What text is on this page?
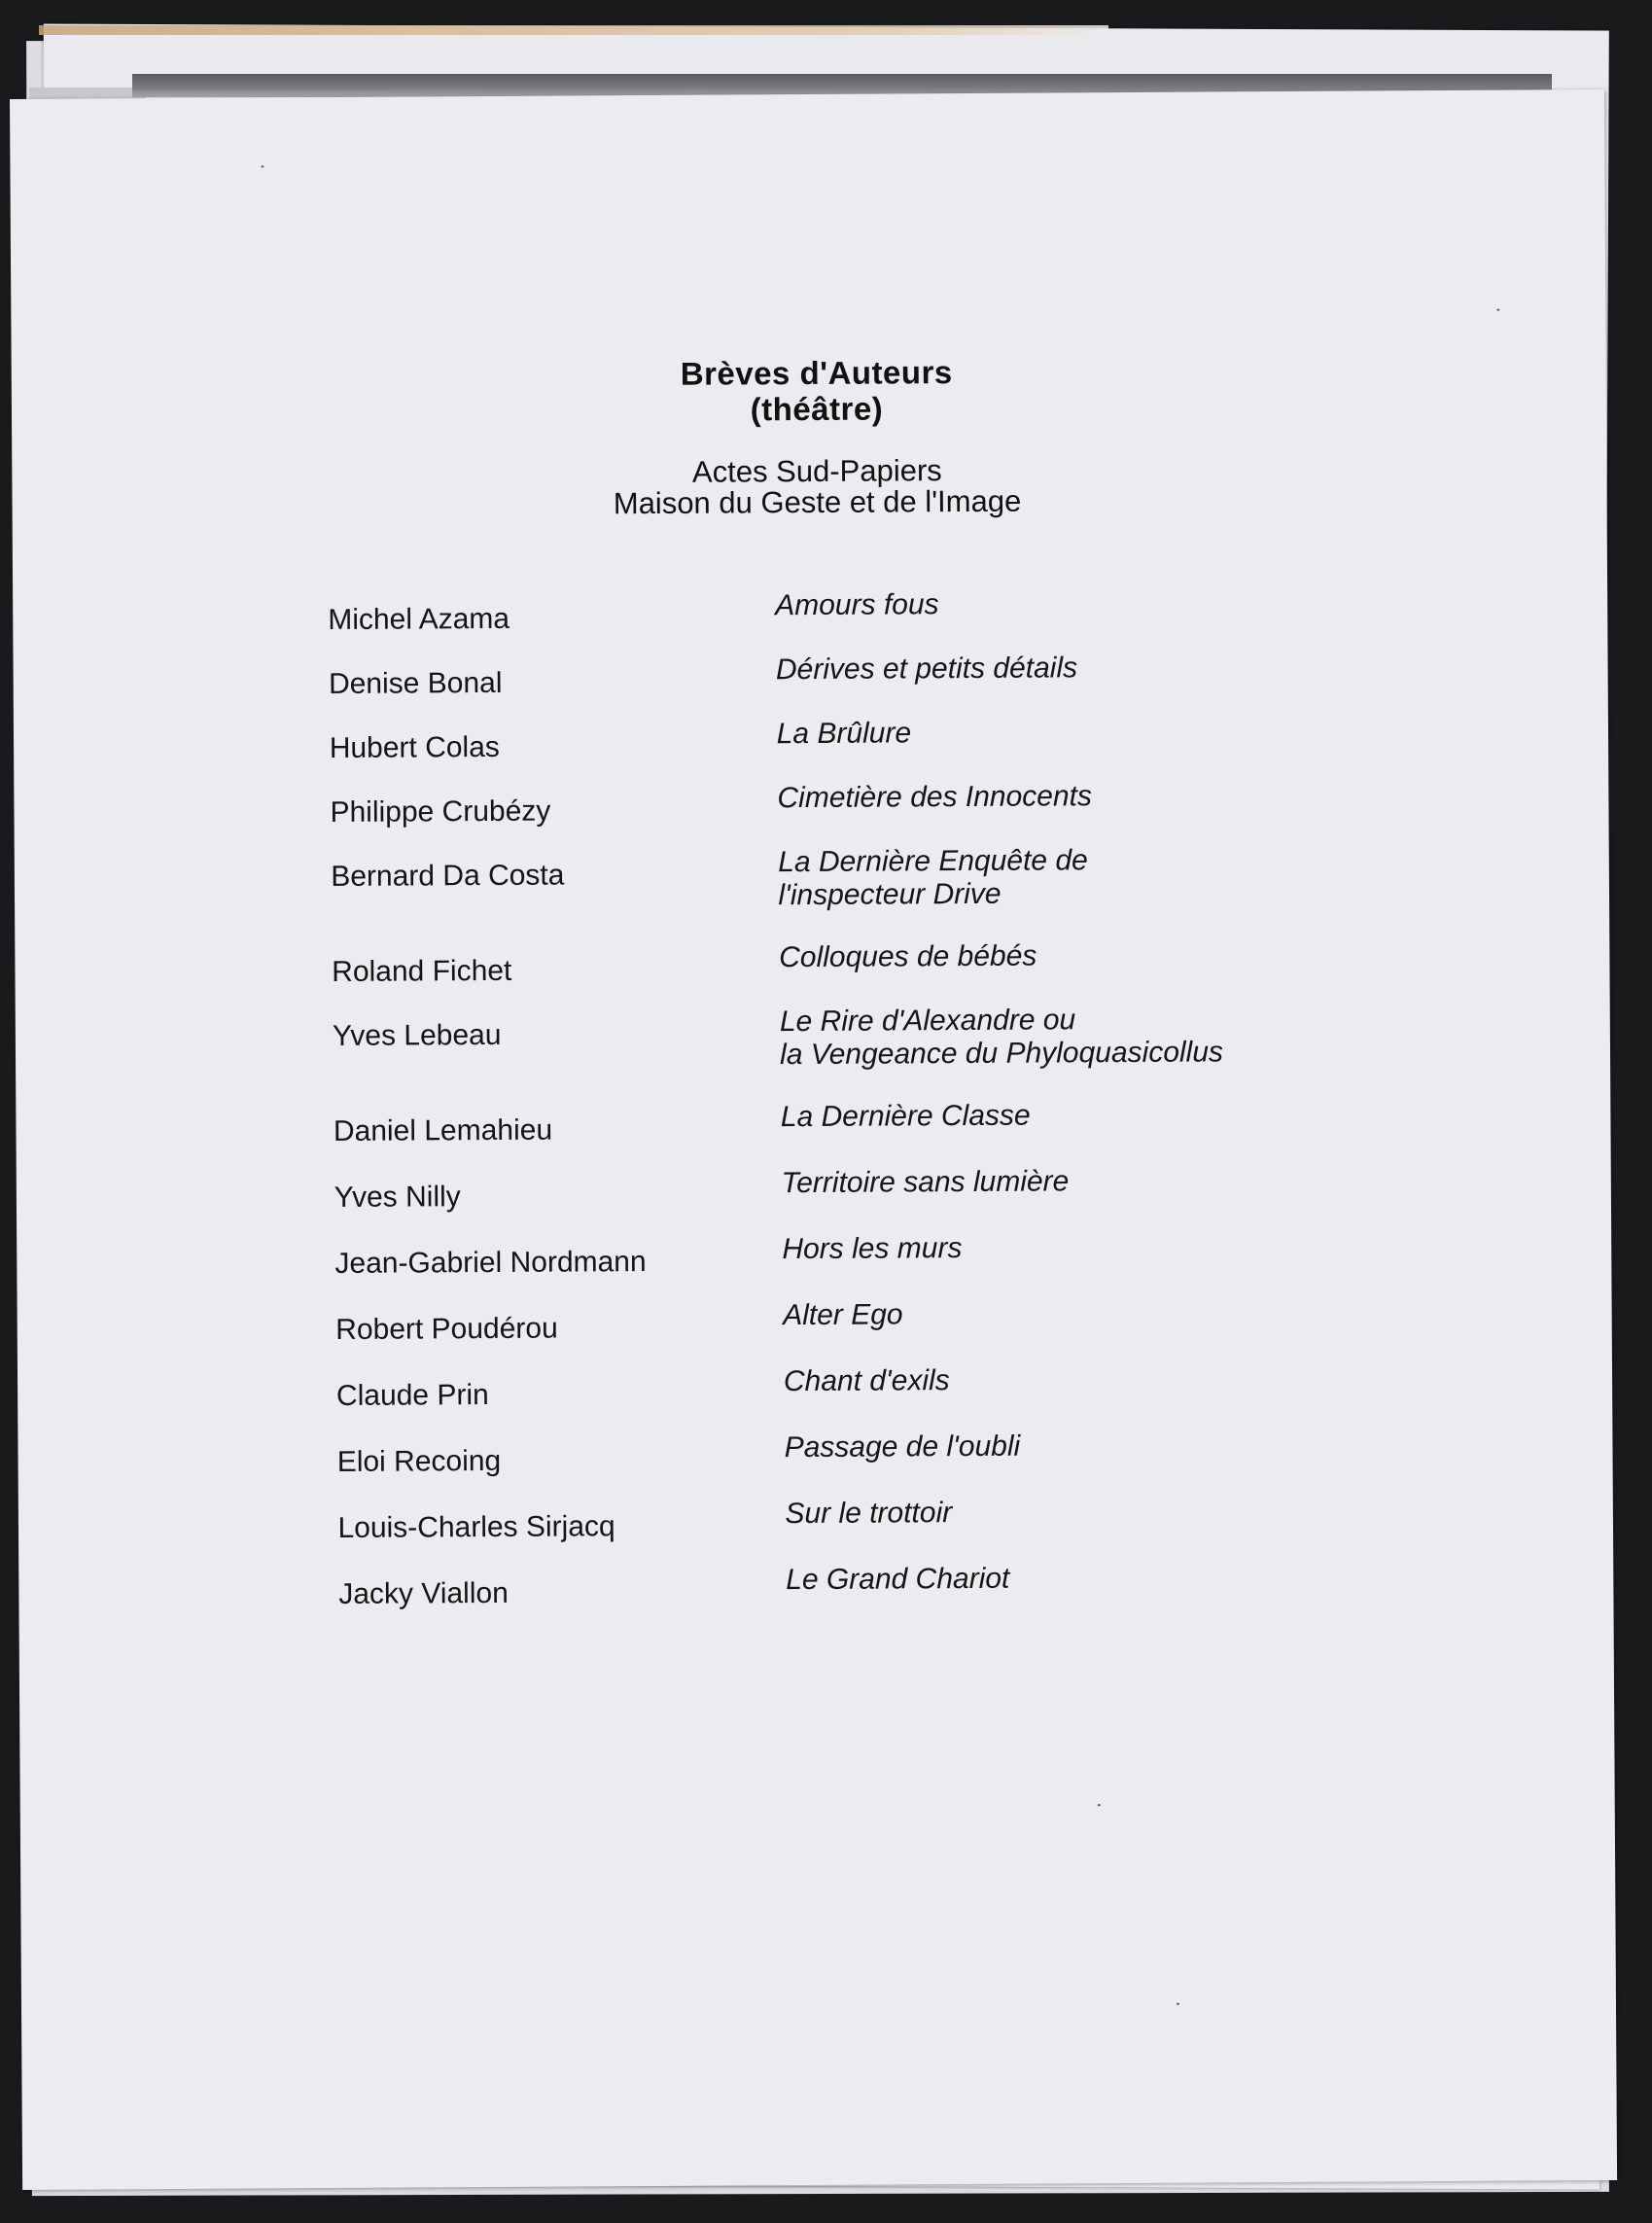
Brèves d'Auteurs
(théâtre)
Actes Sud-Papiers
Maison du Geste et de l'Image
Michel Azama	Amours fous
Denise Bonal	Dérives et petits détails
Hubert Colas	La Brûlure
Philippe Crubézy	Cimetière des Innocents
Bernard Da Costa	La Dernière Enquête de
l'inspecteur Drive
Roland Fichet	Colloques de bébés
Yves Lebeau	Le Rire d'Alexandre ou
la Vengeance du Phyloquasicollus
Daniel Lemahieu	La Dernière Classe
Yves Nilly	Territoire sans lumière
Jean-Gabriel Nordmann	Hors les murs
Robert Poudérou	Alter Ego
Claude Prin	Chant d'exils
Eloi Recoing	Passage de l'oubli
Louis-Charles Sirjacq	Sur le trottoir
Jacky Viallon	Le Grand Chariot
